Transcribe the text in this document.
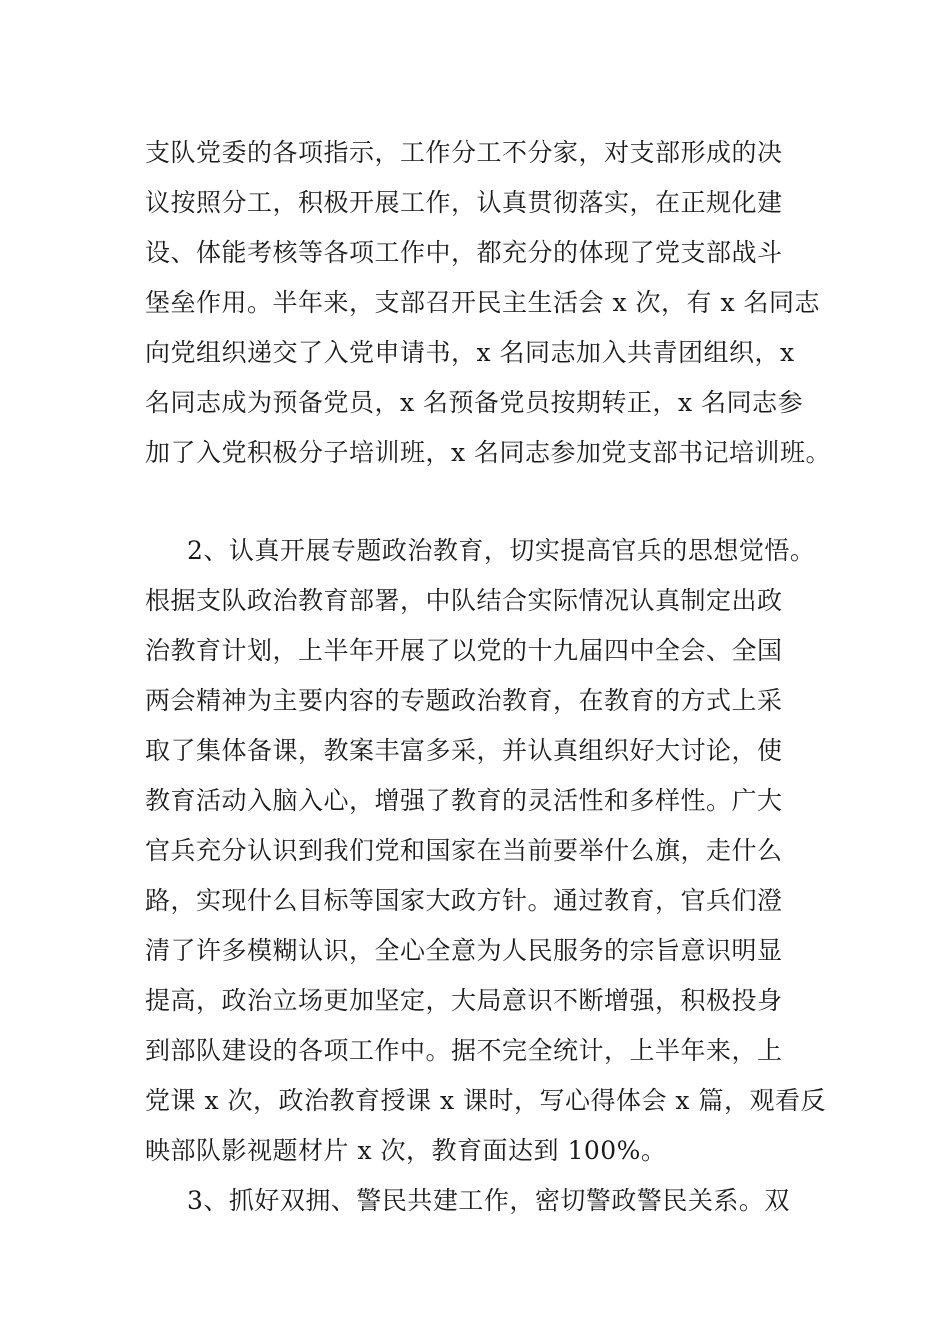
支队党委的各项指示，工作分工不分家，对支部形成的决

议按照分工，积极开展工作，认真贯彻落实，在正规化建

设、体能考核等各项工作中，都充分的体现了党支部战斗

堡垒作用。半年来，支部召开民主生活会 x 次，有 x 名同志

向党组织递交了入党申请书，x 名同志加入共青团组织，x

名同志成为预备党员，x 名预备党员按期转正，x 名同志参

加了入党积极分子培训班，x 名同志参加党支部书记培训班。

2、认真开展专题政治教育，切实提高官兵的思想觉悟。

根据支队政治教育部署，中队结合实际情况认真制定出政

治教育计划，上半年开展了以党的十九届四中全会、全国

两会精神为主要内容的专题政治教育，在教育的方式上采

取了集体备课，教案丰富多采，并认真组织好大讨论，使

教育活动入脑入心，增强了教育的灵活性和多样性。广大

官兵充分认识到我们党和国家在当前要举什么旗，走什么

路，实现什么目标等国家大政方针。通过教育，官兵们澄

清了许多模糊认识，全心全意为人民服务的宗旨意识明显

提高，政治立场更加坚定，大局意识不断增强，积极投身

到部队建设的各项工作中。据不完全统计，上半年来，上

党课 x 次，政治教育授课 x 课时，写心得体会 x 篇，观看反

映部队影视题材片 x 次，教育面达到 100%。

3、抓好双拥、警民共建工作，密切警政警民关系。双
